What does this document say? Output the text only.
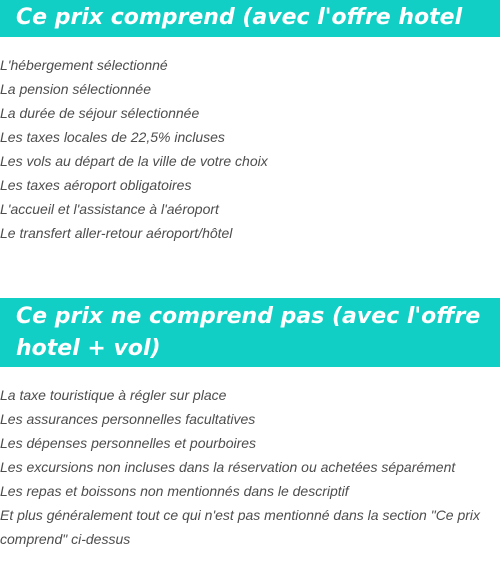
Ce prix comprend (avec l'offre hotel + vol)
L'hébergement sélectionné
La pension sélectionnée
La durée de séjour sélectionnée
Les taxes locales de 22,5% incluses
Les vols au départ de la ville de votre choix
Les taxes aéroport obligatoires
L'accueil et l'assistance à l'aéroport
Le transfert aller-retour aéroport/hôtel
Ce prix ne comprend pas (avec l'offre hotel + vol)
La taxe touristique à régler sur place
Les assurances personnelles facultatives
Les dépenses personnelles et pourboires
Les excursions non incluses dans la réservation ou achetées séparément
Les repas et boissons non mentionnés dans le descriptif
Et plus généralement tout ce qui n'est pas mentionné dans la section "Ce prix comprend" ci-dessus
